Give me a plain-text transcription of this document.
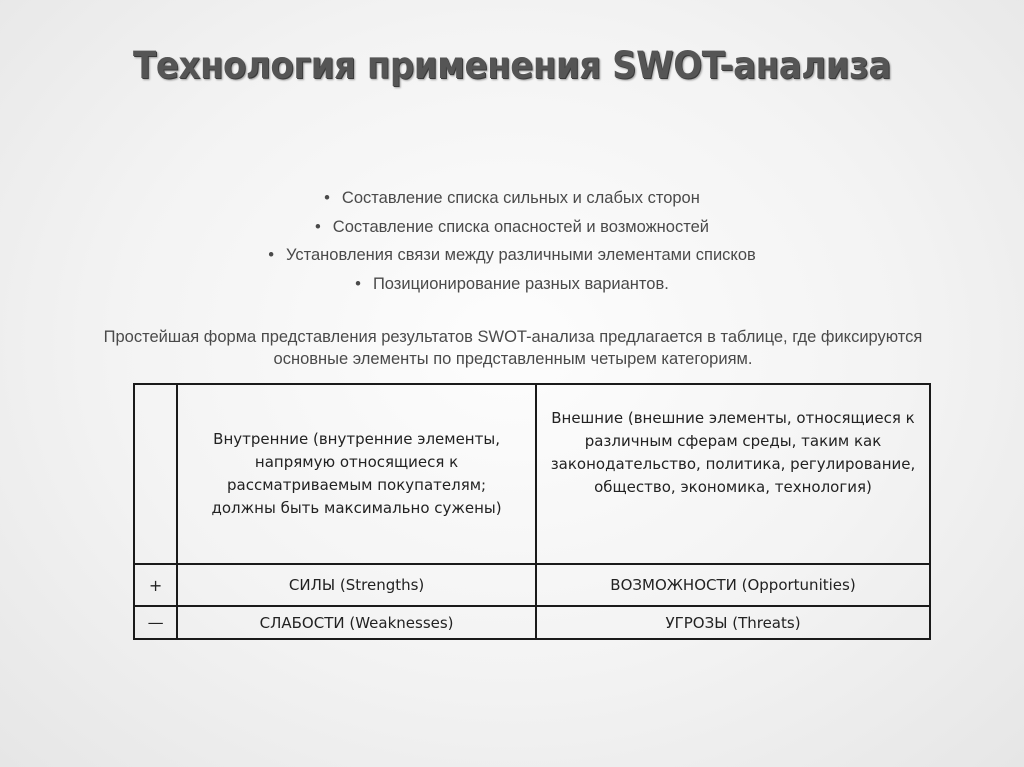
Технология применения SWOT-анализа
• Составление списка сильных и слабых сторон
• Составление списка опасностей и возможностей
• Установления связи между различными элементами списков
• Позиционирование разных вариантов.
Простейшая форма представления результатов SWOT-анализа предлагается в таблице, где фиксируются основные элементы по представленным четырем категориям.
	Внутренние (внутренние элементы, напрямую относящиеся к рассматриваемым покупателям; должны быть максимально сужены)	Внешние (внешние элементы, относящиеся к различным сферам среды, таким как законодательство, политика, регулирование, общество, экономика, технология)
+	СИЛЫ (Strengths)	ВОЗМОЖНОСТИ (Opportunities)
—	СЛАБОСТИ (Weaknesses)	УГРОЗЫ (Threats)
